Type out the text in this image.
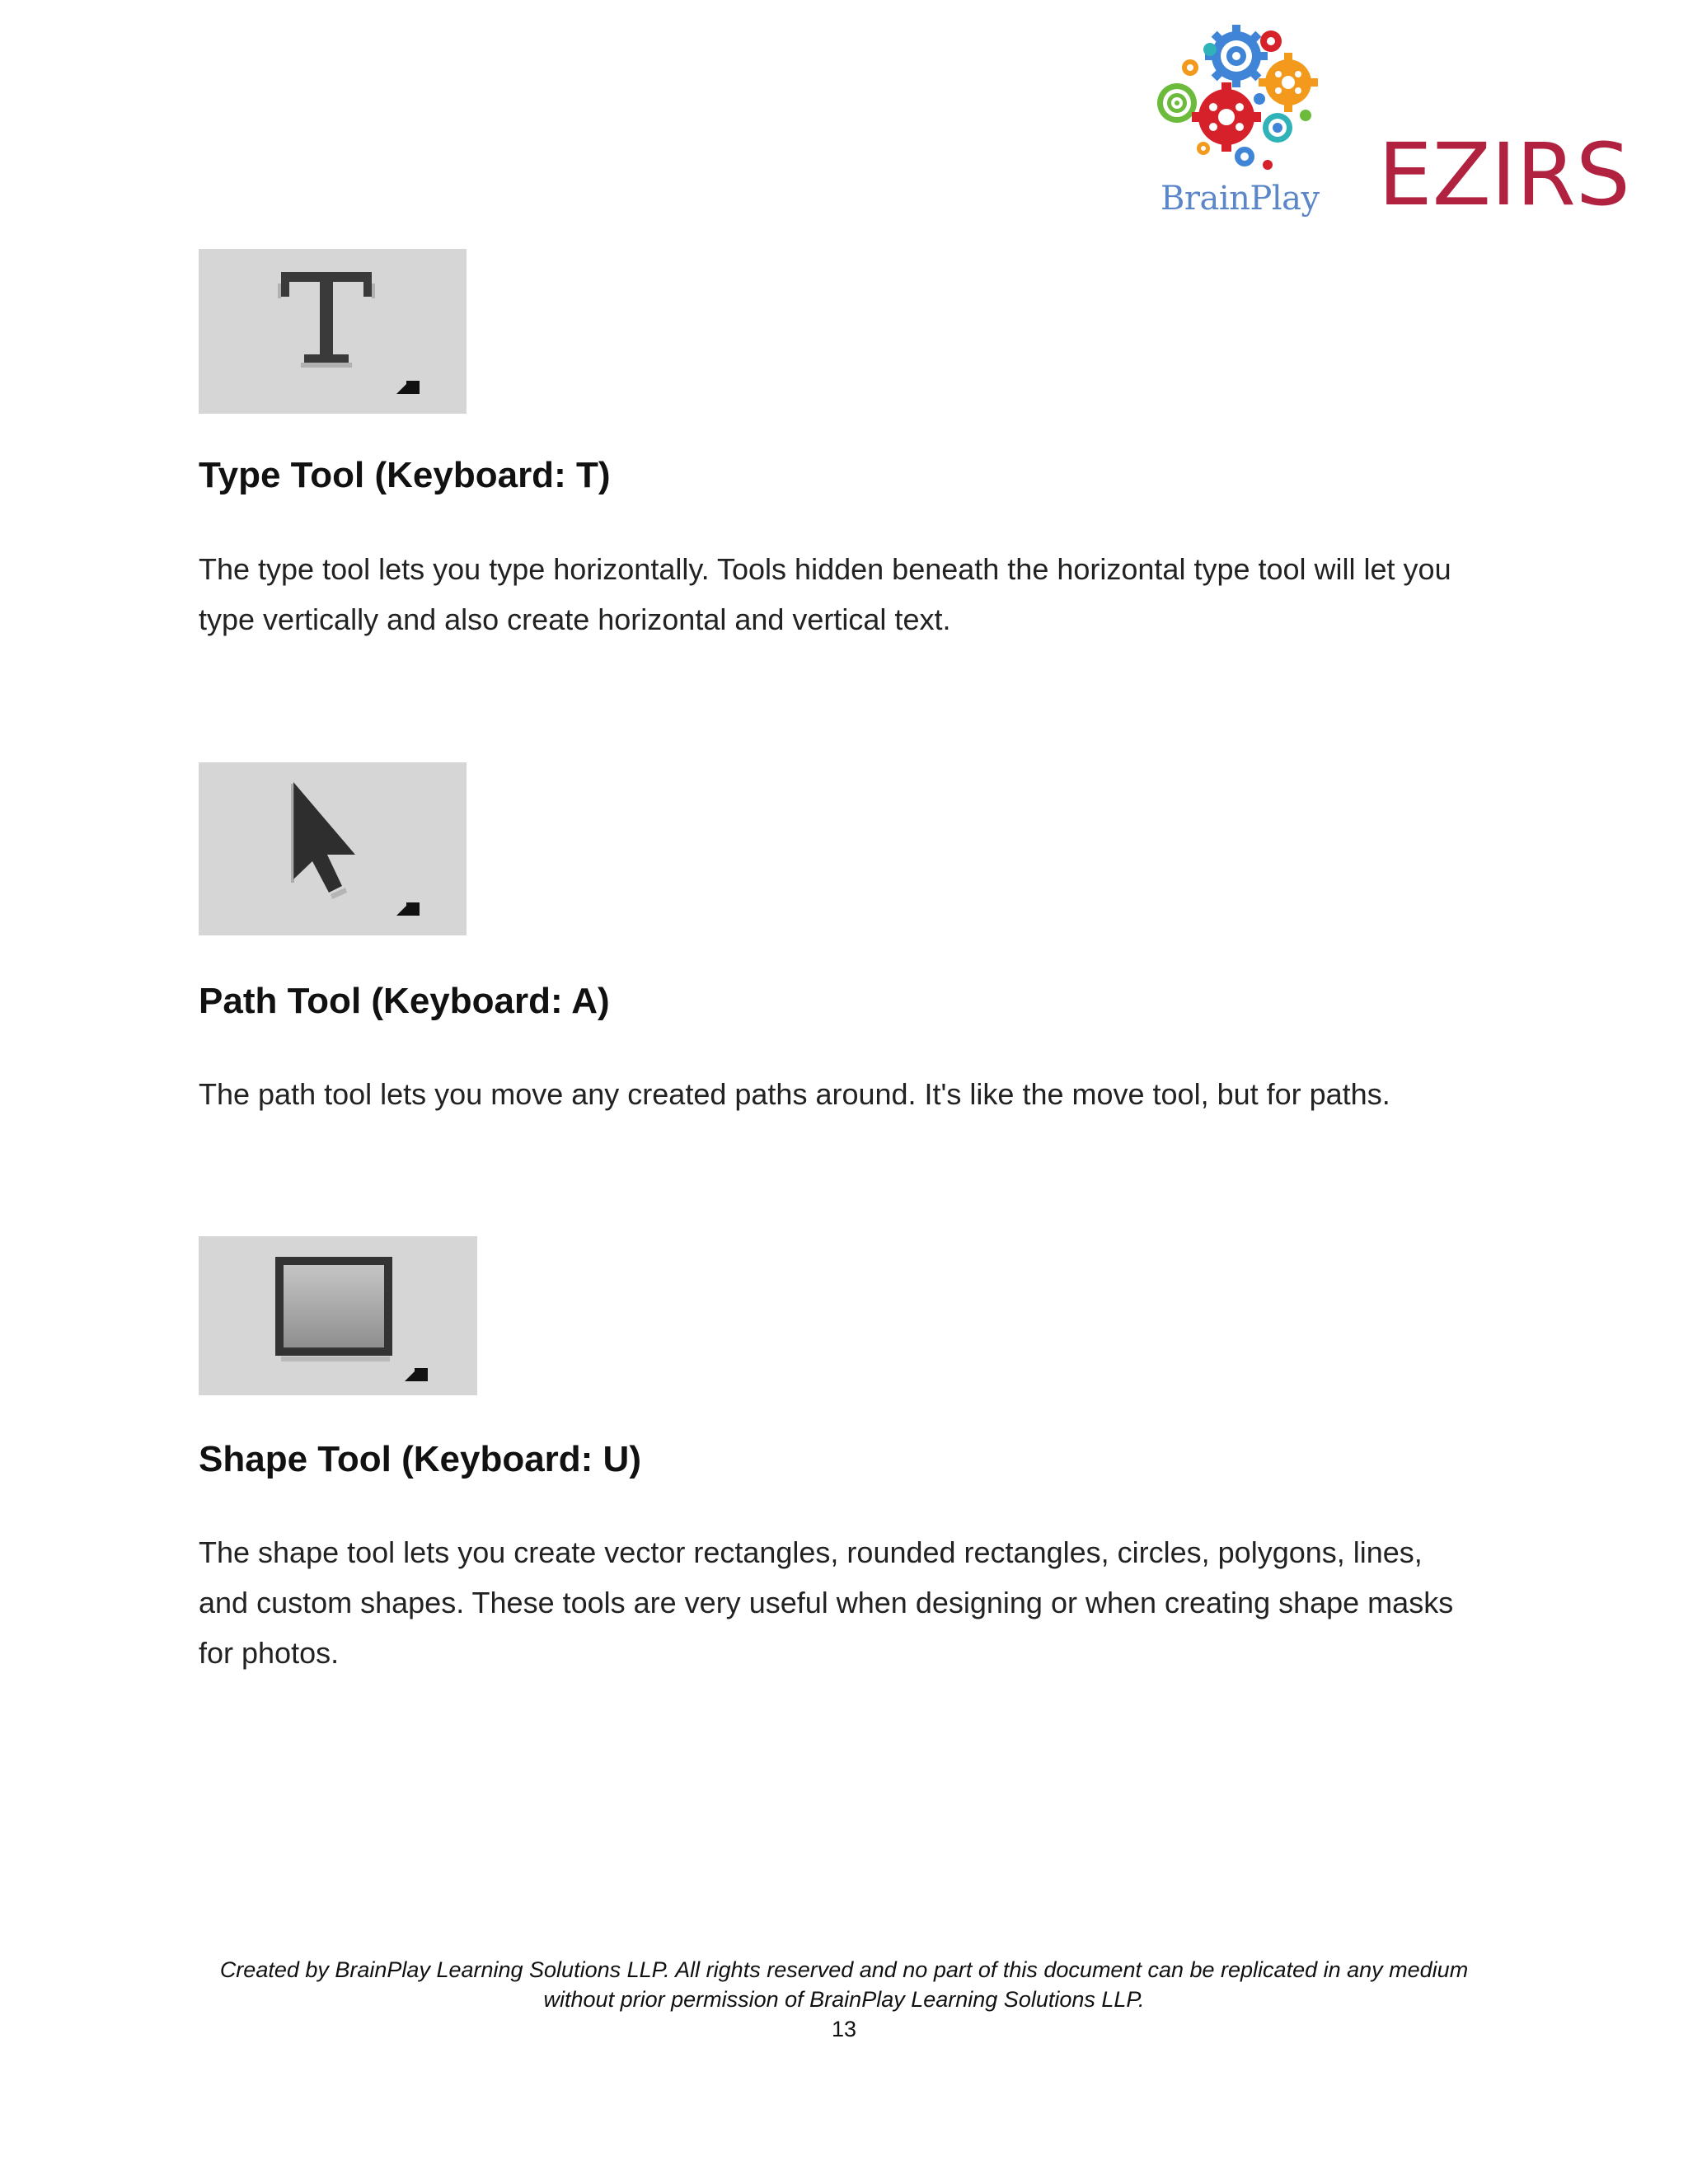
BrainPlay EZIRS
Type Tool (Keyboard: T)
The type tool lets you type horizontally. Tools hidden beneath the horizontal type tool will let you
type vertically and also create horizontal and vertical text.
Path Tool (Keyboard: A)
The path tool lets you move any created paths around. It's like the move tool, but for paths.
Shape Tool (Keyboard: U)
The shape tool lets you create vector rectangles, rounded rectangles, circles, polygons, lines,
and custom shapes. These tools are very useful when designing or when creating shape masks
for photos.
Created by BrainPlay Learning Solutions LLP. All rights reserved and no part of this document can be replicated in any medium
without prior permission of BrainPlay Learning Solutions LLP.
13
